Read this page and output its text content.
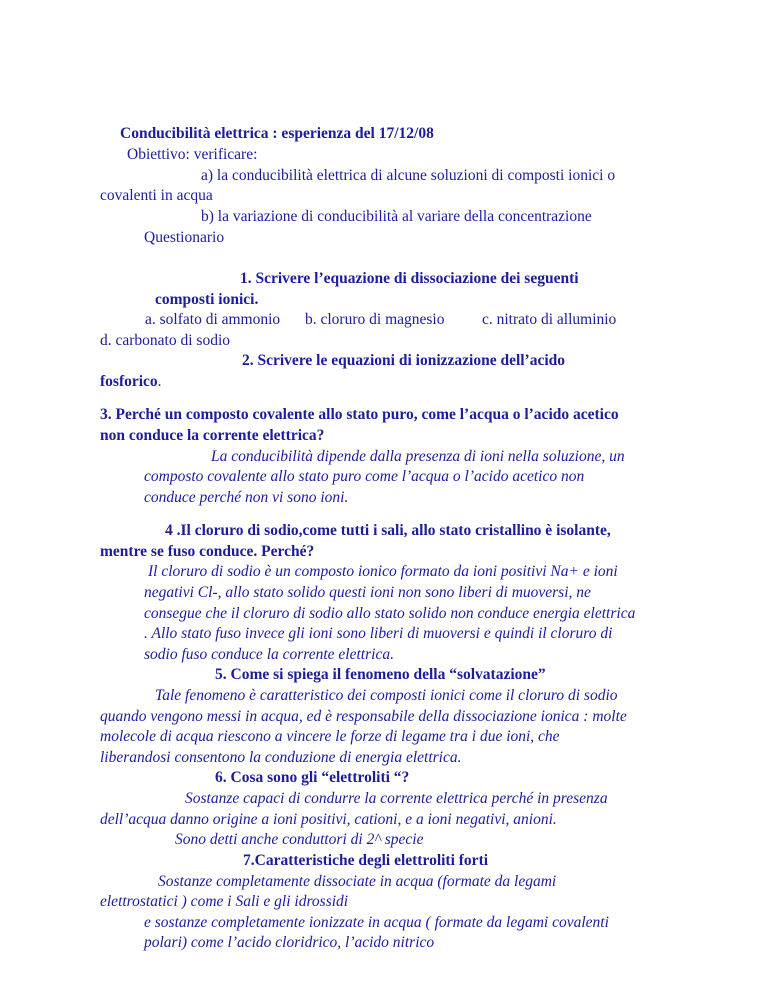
Conducibilità elettrica : esperienza del 17/12/08
Obiettivo: verificare:
a) la conducibilità elettrica di alcune soluzioni di composti ionici o
covalenti in acqua
b) la variazione di conducibilità al variare della concentrazione
Questionario
1. Scrivere l’equazione di dissociazione dei seguenti
composti ionici.
a. solfato di ammonio b. cloruro di magnesio c. nitrato di alluminio
d. carbonato di sodio
2. Scrivere le equazioni di ionizzazione dell’acido
fosforico.
3. Perché un composto covalente allo stato puro, come l’acqua o l’acido acetico
non conduce la corrente elettrica?
La conducibilità dipende dalla presenza di ioni nella soluzione, un
composto covalente allo stato puro come l’acqua o l’acido acetico non
conduce perché non vi sono ioni.
4 .Il cloruro di sodio,come tutti i sali, allo stato cristallino è isolante,
mentre se fuso conduce. Perché?
Il cloruro di sodio è un composto ionico formato da ioni positivi Na+ e ioni
negativi Cl-, allo stato solido questi ioni non sono liberi di muoversi, ne
consegue che il cloruro di sodio allo stato solido non conduce energia elettrica
. Allo stato fuso invece gli ioni sono liberi di muoversi e quindi il cloruro di
sodio fuso conduce la corrente elettrica.
5. Come si spiega il fenomeno della “solvatazione”
Tale fenomeno è caratteristico dei composti ionici come il cloruro di sodio
quando vengono messi in acqua, ed è responsabile della dissociazione ionica : molte
molecole di acqua riescono a vincere le forze di legame tra i due ioni, che
liberandosi consentono la conduzione di energia elettrica.
6. Cosa sono gli “elettroliti “?
Sostanze capaci di condurre la corrente elettrica perché in presenza
dell’acqua danno origine a ioni positivi, cationi, e a ioni negativi, anioni.
Sono detti anche conduttori di 2^ specie
7.Caratteristiche degli elettroliti forti
Sostanze completamente dissociate in acqua (formate da legami
elettrostatici ) come i Sali e gli idrossidi
e sostanze completamente ionizzate in acqua ( formate da legami covalenti
polari) come l’acido cloridrico, l’acido nitrico
